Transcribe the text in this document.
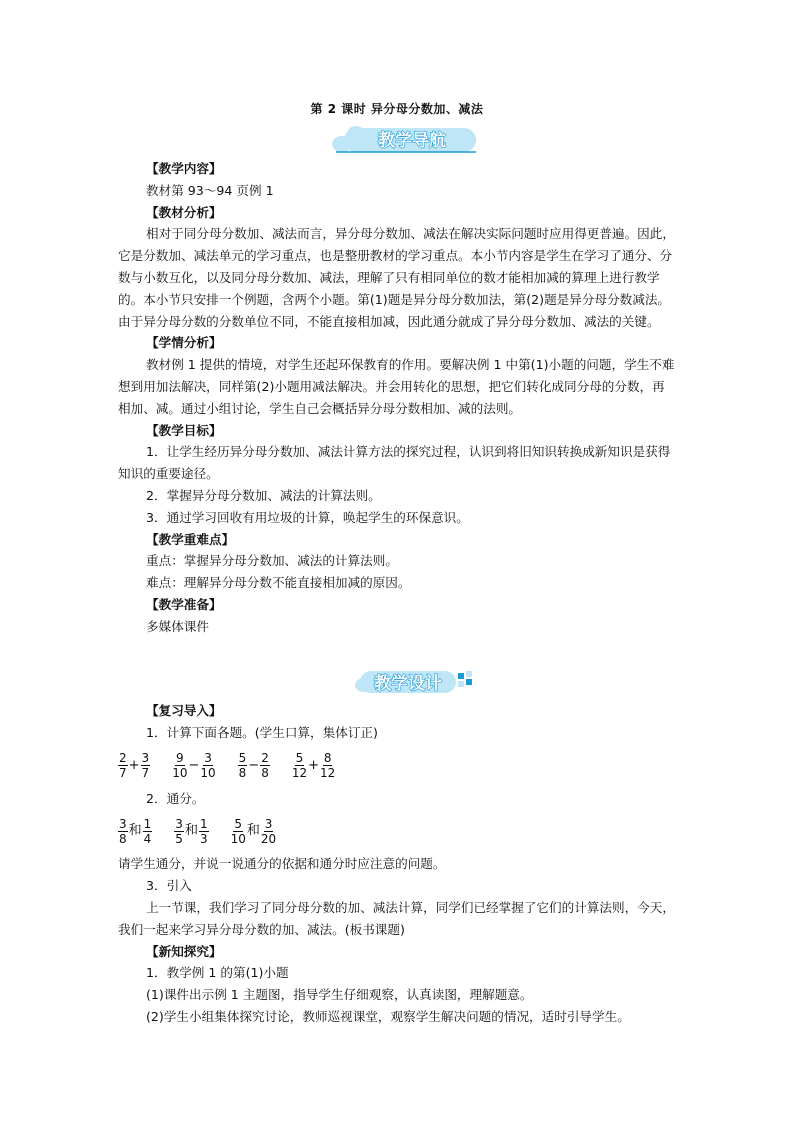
第 2 课时 异分母分数加、减法
教学导航

【教学内容】

教材第 93～94 页例 1

【教材分析】

相对于同分母分数加、减法而言，异分母分数加、减法在解决实际问题时应用得更普遍。因此，它是分数加、减法单元的学习重点，也是整册教材的学习重点。本小节内容是学生在学习了通分、分数与小数互化，以及同分母分数加、减法，理解了只有相同单位的数才能相加减的算理上进行教学的。本小节只安排一个例题，含两个小题。第(1)题是异分母分数加法，第(2)题是异分母分数减法。由于异分母分数的分数单位不同，不能直接相加减，因此通分就成了异分母分数加、减法的关键。

【学情分析】

教材例 1 提供的情境，对学生还起环保教育的作用。要解决例 1 中第(1)小题的问题，学生不难想到用加法解决，同样第(2)小题用减法解决。并会用转化的思想，把它们转化成同分母的分数，再相加、减。通过小组讨论，学生自己会概括异分母分数相加、减的法则。

【教学目标】

1．让学生经历异分母分数加、减法计算方法的探究过程，认识到将旧知识转换成新知识是获得知识的重要途径。

2．掌握异分母分数加、减法的计算法则。

3．通过学习回收有用垃圾的计算，唤起学生的环保意识。

【教学重难点】

重点：掌握异分母分数加、减法的计算法则。

难点：理解异分母分数不能直接相加减的原因。

【教学准备】

多媒体课件

教学设计

【复习导入】

1．计算下面各题。(学生口算，集体订正)

$\frac{2}{7} + \frac{3}{7} \frac{9}{10} - \frac{3}{10} \frac{5}{8} - \frac{2}{8} \frac{5}{12} + \frac{8}{12}$

2．通分。

$\frac{3}{8}$ 和 $\frac{1}{4} \frac{3}{5}$ 和 $\frac{1}{3} \frac{5}{10}$ 和 $\frac{3}{20}$

请学生通分，并说一说通分的依据和通分时应注意的问题。

3．引入

上一节课，我们学习了同分母分数的加、减法计算，同学们已经掌握了它们的计算法则，今天，我们一起来学习异分母分数的加、减法。(板书课题)

【新知探究】

1．教学例 1 的第(1)小题

(1)课件出示例 1 主题图，指导学生仔细观察，认真读图，理解题意。

(2)学生小组集体探究讨论，教师巡视课堂，观察学生解决问题的情况，适时引导学生。
